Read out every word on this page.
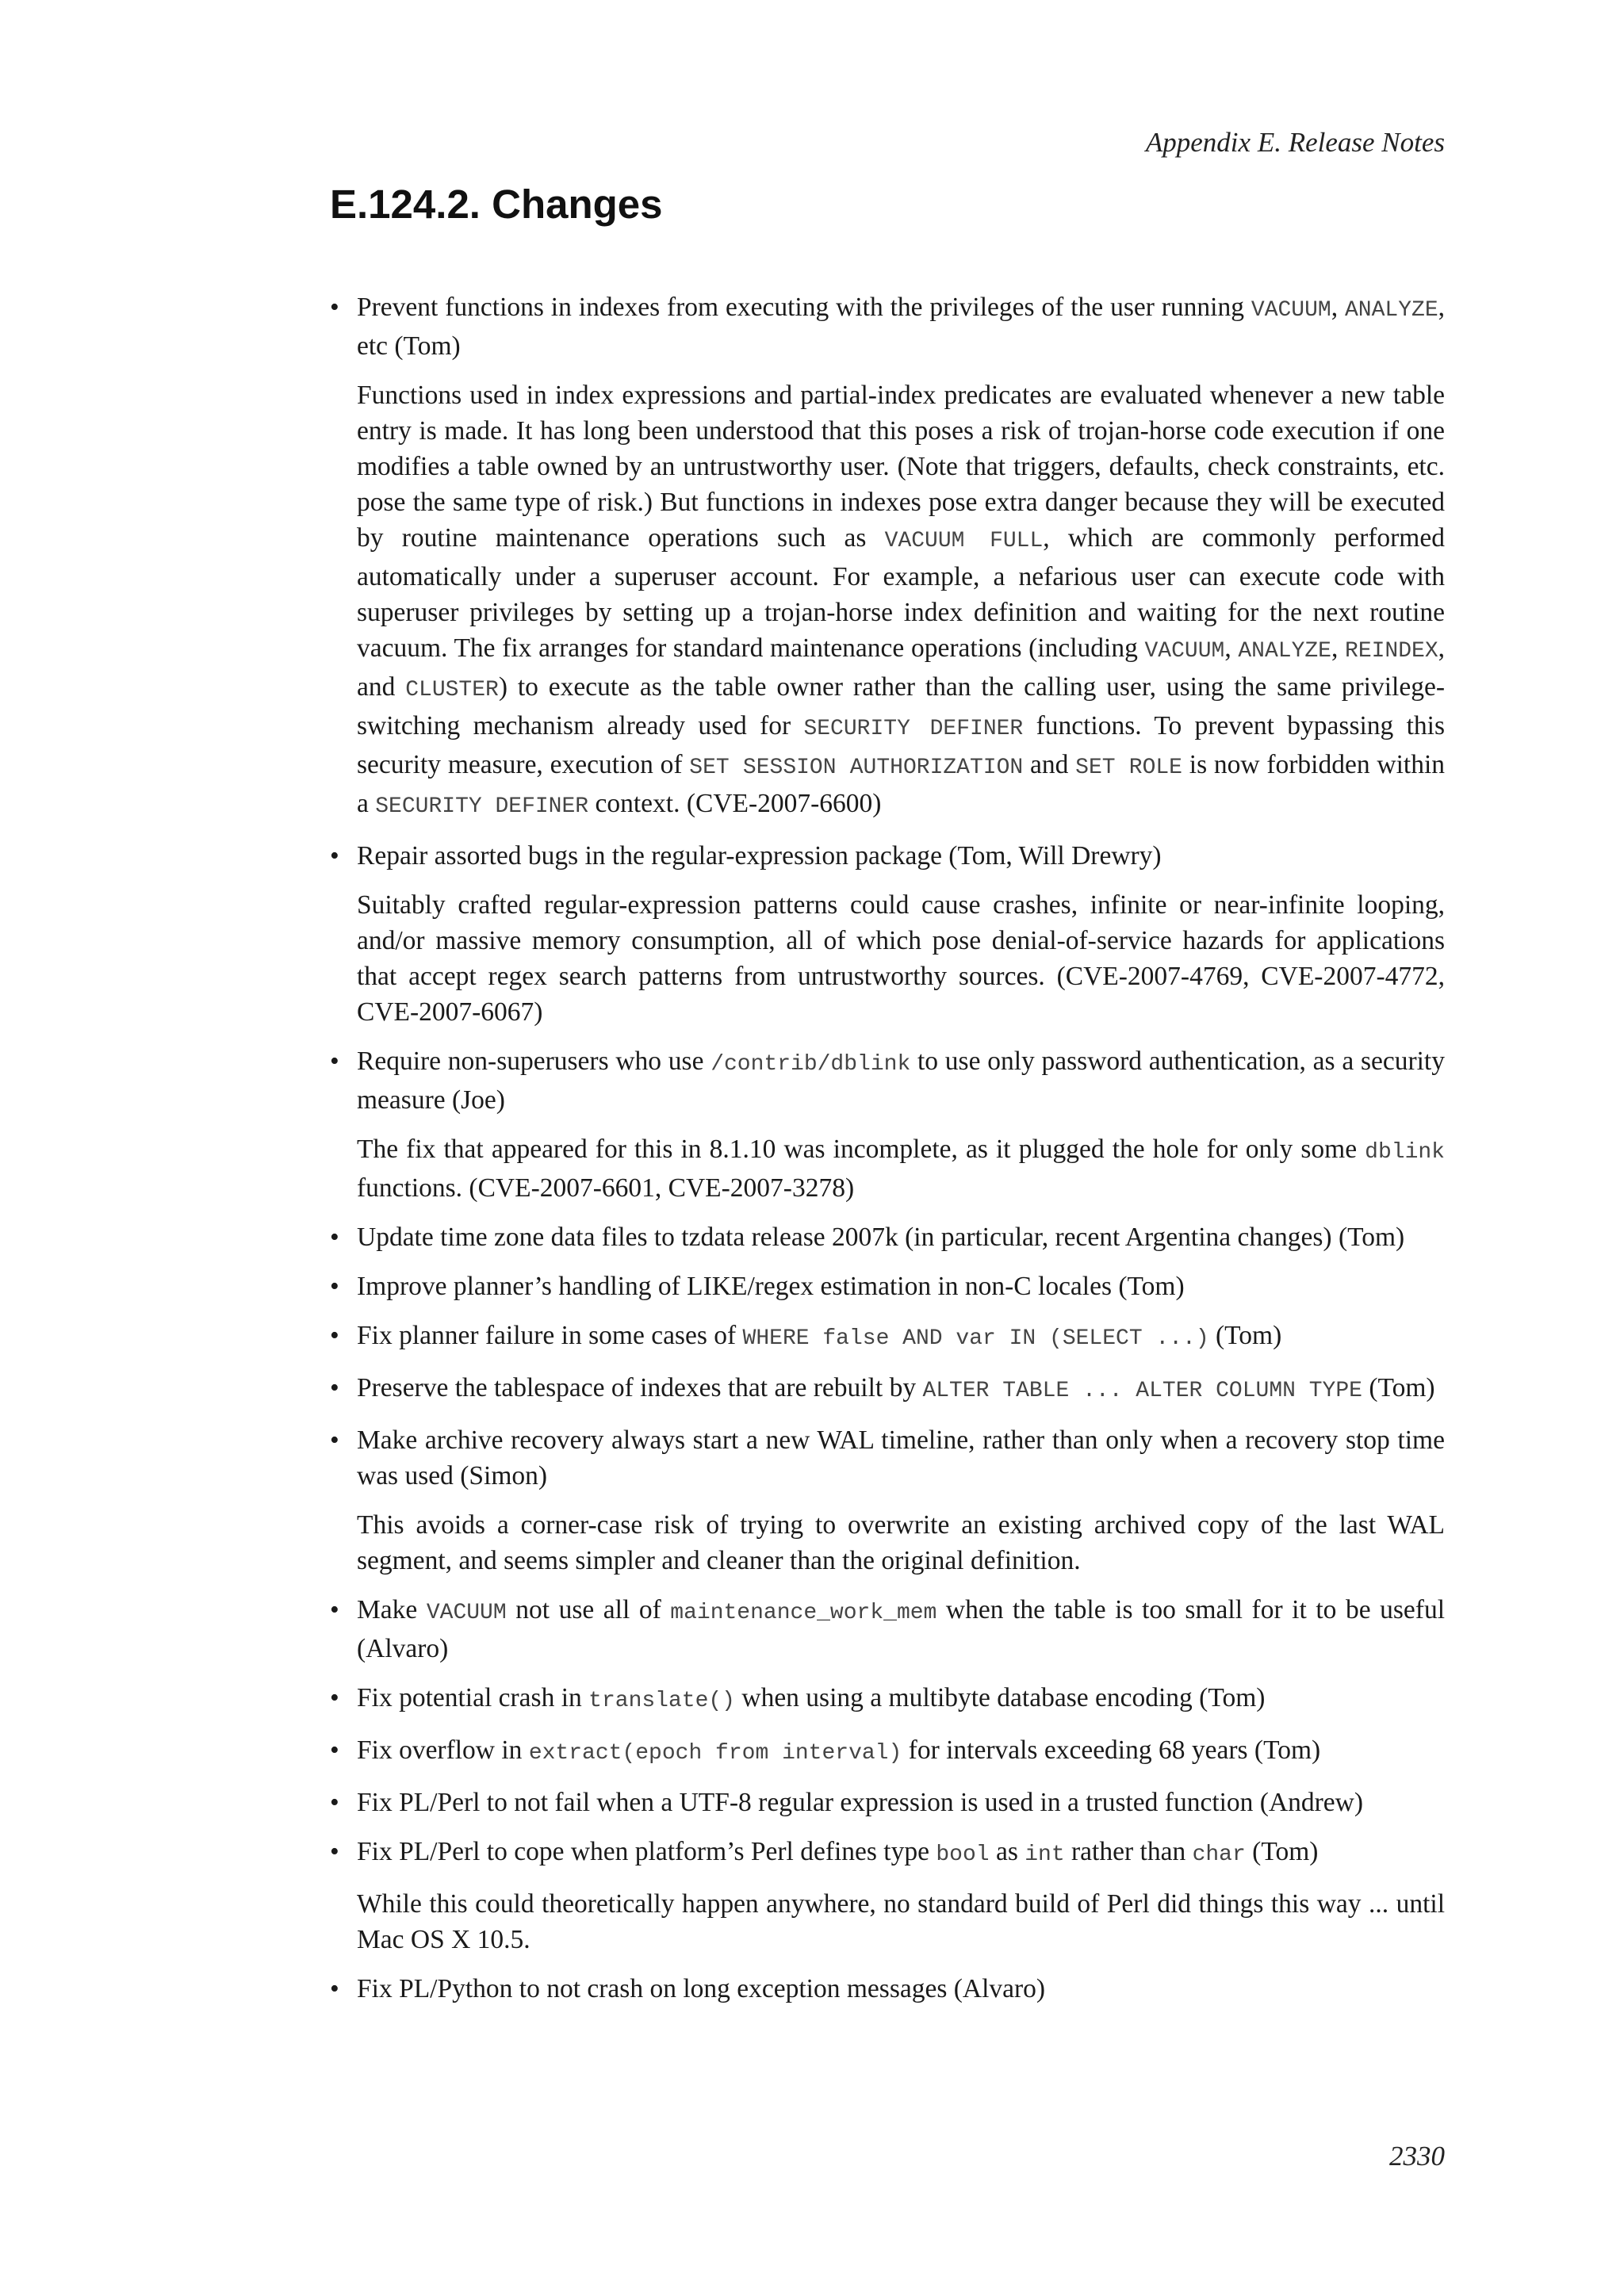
Appendix E. Release Notes
E.124.2. Changes
• Prevent functions in indexes from executing with the privileges of the user running VACUUM, ANALYZE, etc (Tom)

Functions used in index expressions and partial-index predicates are evaluated whenever a new table entry is made. It has long been understood that this poses a risk of trojan-horse code execution if one modifies a table owned by an untrustworthy user. (Note that triggers, defaults, check constraints, etc. pose the same type of risk.) But functions in indexes pose extra danger because they will be executed by routine maintenance operations such as VACUUM FULL, which are commonly performed automatically under a superuser account. For example, a nefarious user can execute code with superuser privileges by setting up a trojan-horse index definition and waiting for the next routine vacuum. The fix arranges for standard maintenance operations (including VACUUM, ANALYZE, REINDEX, and CLUSTER) to execute as the table owner rather than the calling user, using the same privilege-switching mechanism already used for SECURITY DEFINER functions. To prevent bypassing this security measure, execution of SET SESSION AUTHORIZATION and SET ROLE is now forbidden within a SECURITY DEFINER context. (CVE-2007-6600)

• Repair assorted bugs in the regular-expression package (Tom, Will Drewry)

Suitably crafted regular-expression patterns could cause crashes, infinite or near-infinite looping, and/or massive memory consumption, all of which pose denial-of-service hazards for applications that accept regex search patterns from untrustworthy sources. (CVE-2007-4769, CVE-2007-4772, CVE-2007-6067)

• Require non-superusers who use /contrib/dblink to use only password authentication, as a security measure (Joe)

The fix that appeared for this in 8.1.10 was incomplete, as it plugged the hole for only some dblink functions. (CVE-2007-6601, CVE-2007-3278)

• Update time zone data files to tzdata release 2007k (in particular, recent Argentina changes) (Tom)

• Improve planner’s handling of LIKE/regex estimation in non-C locales (Tom)

• Fix planner failure in some cases of WHERE false AND var IN (SELECT ...) (Tom)

• Preserve the tablespace of indexes that are rebuilt by ALTER TABLE ... ALTER COLUMN TYPE (Tom)

• Make archive recovery always start a new WAL timeline, rather than only when a recovery stop time was used (Simon)

This avoids a corner-case risk of trying to overwrite an existing archived copy of the last WAL segment, and seems simpler and cleaner than the original definition.

• Make VACUUM not use all of maintenance_work_mem when the table is too small for it to be useful (Alvaro)

• Fix potential crash in translate() when using a multibyte database encoding (Tom)

• Fix overflow in extract(epoch from interval) for intervals exceeding 68 years (Tom)

• Fix PL/Perl to not fail when a UTF-8 regular expression is used in a trusted function (Andrew)

• Fix PL/Perl to cope when platform’s Perl defines type bool as int rather than char (Tom)

While this could theoretically happen anywhere, no standard build of Perl did things this way ... until Mac OS X 10.5.

• Fix PL/Python to not crash on long exception messages (Alvaro)

2330
